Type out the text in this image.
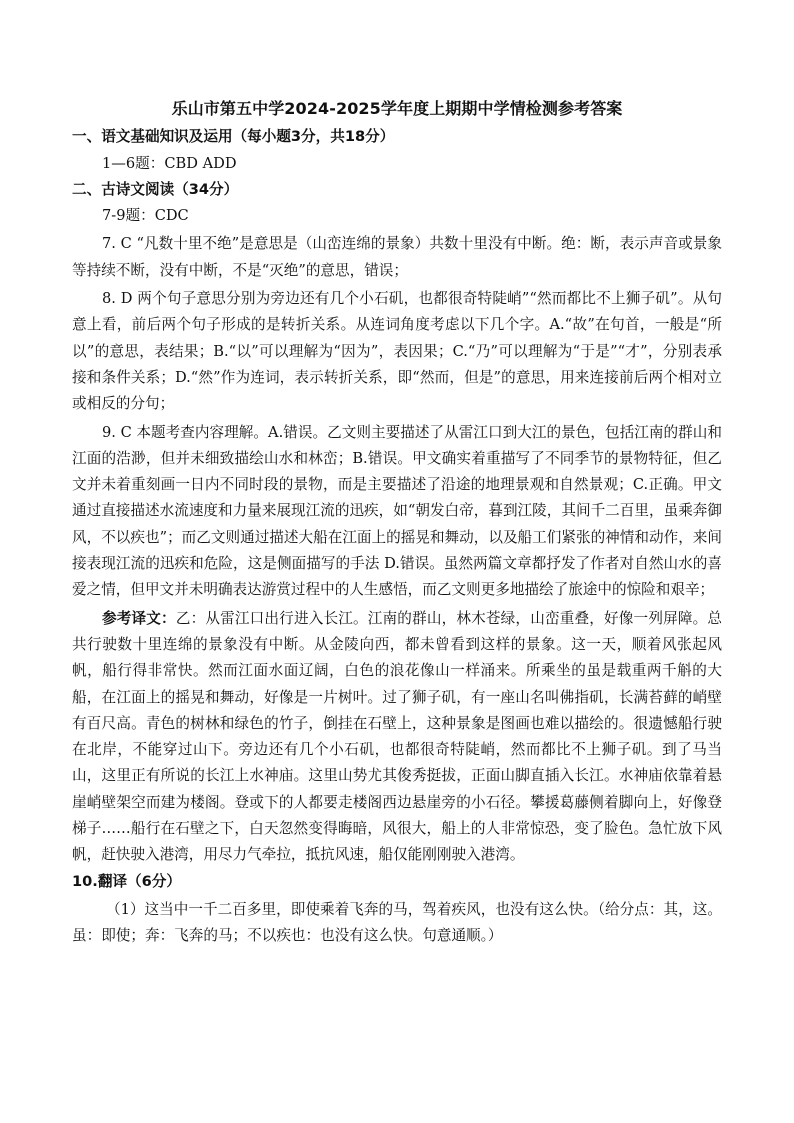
乐山市第五中学2024-2025学年度上期期中学情检测参考答案

一、语文基础知识及运用（每小题3分，共18分）

1—6题：CBD ADD

二、古诗文阅读（34分）

7-9题：CDC

7. C “凡数十里不绝”是意思是（山峦连绵的景象）共数十里没有中断。绝：断，表示声音或景象等持续不断，没有中断，不是“灭绝”的意思，错误；

8. D 两个句子意思分别为旁边还有几个小石矶，也都很奇特陡峭”“然而都比不上狮子矶”。从句意上看，前后两个句子形成的是转折关系。从连词角度考虑以下几个字。A.“故”在句首，一般是“所以”的意思，表结果；B.“以”可以理解为“因为”，表因果；C.“乃”可以理解为“于是”“才”，分别表承接和条件关系；D.“然”作为连词，表示转折关系，即“然而，但是”的意思，用来连接前后两个相对立或相反的分句；

9. C 本题考查内容理解。A.错误。乙文则主要描述了从雷江口到大江的景色，包括江南的群山和江面的浩渺，但并未细致描绘山水和林峦；B.错误。甲文确实着重描写了不同季节的景物特征，但乙文并未着重刻画一日内不同时段的景物，而是主要描述了沿途的地理景观和自然景观；C.正确。甲文通过直接描述水流速度和力量来展现江流的迅疾，如“朝发白帝，暮到江陵，其间千二百里，虽乘奔御风，不以疾也”；而乙文则通过描述大船在江面上的摇晃和舞动，以及船工们紧张的神情和动作，来间接表现江流的迅疾和危险，这是侧面描写的手法 D.错误。虽然两篇文章都抒发了作者对自然山水的喜爱之情，但甲文并未明确表达游赏过程中的人生感悟，而乙文则更多地描绘了旅途中的惊险和艰辛；

参考译文：乙：从雷江口出行进入长江。江南的群山，林木苍绿，山峦重叠，好像一列屏障。总共行驶数十里连绵的景象没有中断。从金陵向西，都未曾看到这样的景象。这一天，顺着风张起风帆，船行得非常快。然而江面水面辽阔，白色的浪花像山一样涌来。所乘坐的虽是载重两千斛的大船，在江面上的摇晃和舞动，好像是一片树叶。过了狮子矶，有一座山名叫佛指矶，长满苔藓的峭壁有百尺高。青色的树林和绿色的竹子，倒挂在石壁上，这种景象是图画也难以描绘的。很遗憾船行驶在北岸，不能穿过山下。旁边还有几个小石矶，也都很奇特陡峭，然而都比不上狮子矶。到了马当山，这里正有所说的长江上水神庙。这里山势尤其俊秀挺拔，正面山脚直插入长江。水神庙依靠着悬崖峭壁架空而建为楼阁。登或下的人都要走楼阁西边悬崖旁的小石径。攀援葛藤侧着脚向上，好像登梯子……船行在石壁之下，白天忽然变得晦暗，风很大，船上的人非常惊恐，变了脸色。急忙放下风帆，赶快驶入港湾，用尽力气牵拉，抵抗风速，船仅能刚刚驶入港湾。

10.翻译（6分）

（1）这当中一千二百多里，即使乘着飞奔的马，驾着疾风，也没有这么快。（给分点：其，这。虽：即使；奔：飞奔的马；不以疾也：也没有这么快。句意通顺。）
